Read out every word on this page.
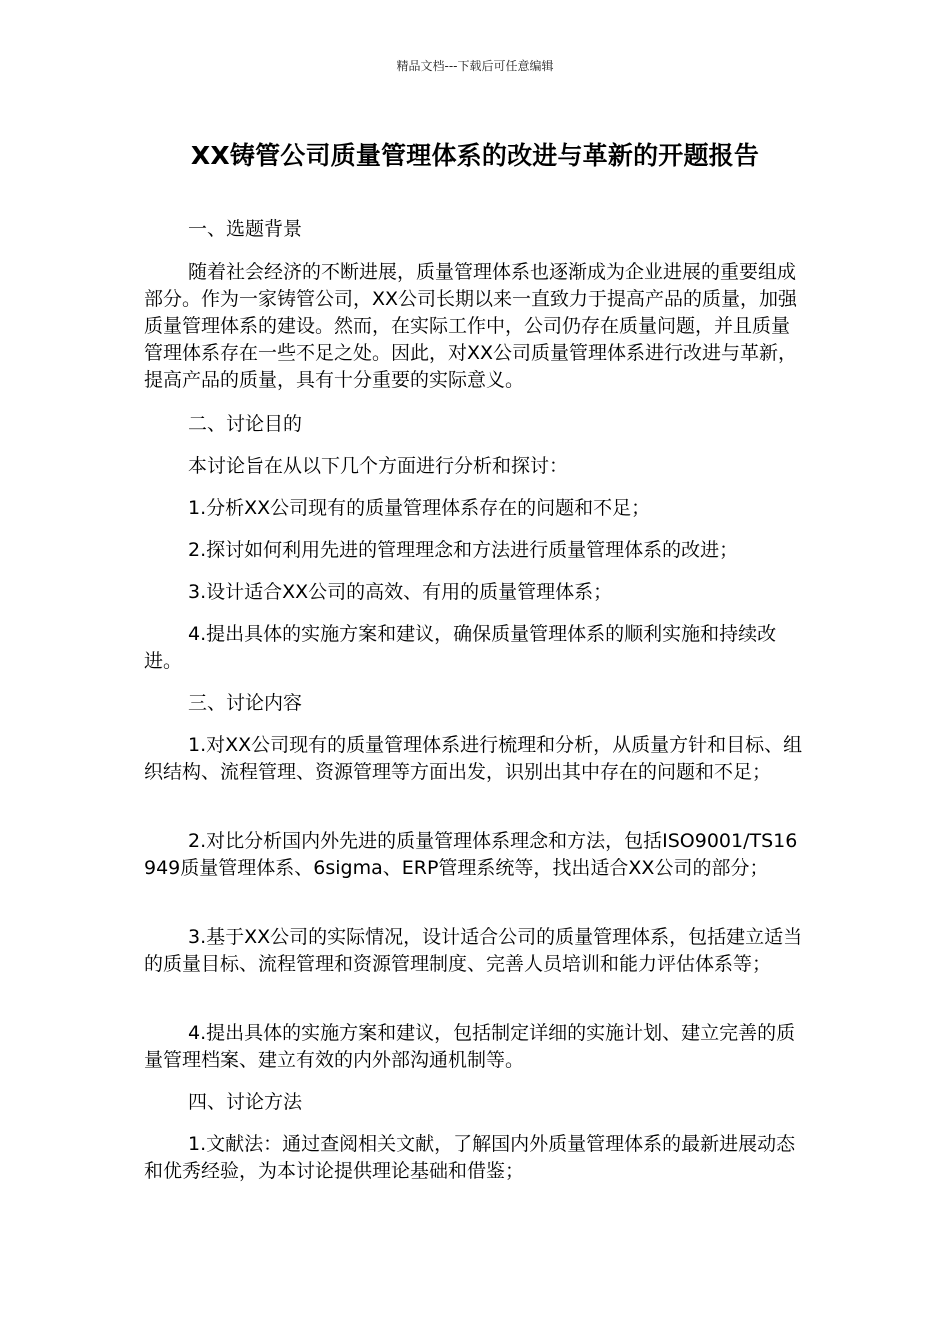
精品文档---下载后可任意编辑
XX铸管公司质量管理体系的改进与革新的开题报告

一、选题背景

随着社会经济的不断进展，质量管理体系也逐渐成为企业进展的重要组成部分。作为一家铸管公司，XX公司长期以来一直致力于提高产品的质量，加强质量管理体系的建设。然而，在实际工作中，公司仍存在质量问题，并且质量管理体系存在一些不足之处。因此，对XX公司质量管理体系进行改进与革新，提高产品的质量，具有十分重要的实际意义。

二、讨论目的

本讨论旨在从以下几个方面进行分析和探讨：

1.分析XX公司现有的质量管理体系存在的问题和不足；

2.探讨如何利用先进的管理理念和方法进行质量管理体系的改进；

3.设计适合XX公司的高效、有用的质量管理体系；

4.提出具体的实施方案和建议，确保质量管理体系的顺利实施和持续改进。

三、讨论内容

1.对XX公司现有的质量管理体系进行梳理和分析，从质量方针和目标、组织结构、流程管理、资源管理等方面出发，识别出其中存在的问题和不足；

2.对比分析国内外先进的质量管理体系理念和方法，包括ISO9001/TS16949质量管理体系、6sigma、ERP管理系统等，找出适合XX公司的部分；

3.基于XX公司的实际情况，设计适合公司的质量管理体系，包括建立适当的质量目标、流程管理和资源管理制度、完善人员培训和能力评估体系等；

4.提出具体的实施方案和建议，包括制定详细的实施计划、建立完善的质量管理档案、建立有效的内外部沟通机制等。

四、讨论方法

1.文献法：通过查阅相关文献，了解国内外质量管理体系的最新进展动态和优秀经验，为本讨论提供理论基础和借鉴；
